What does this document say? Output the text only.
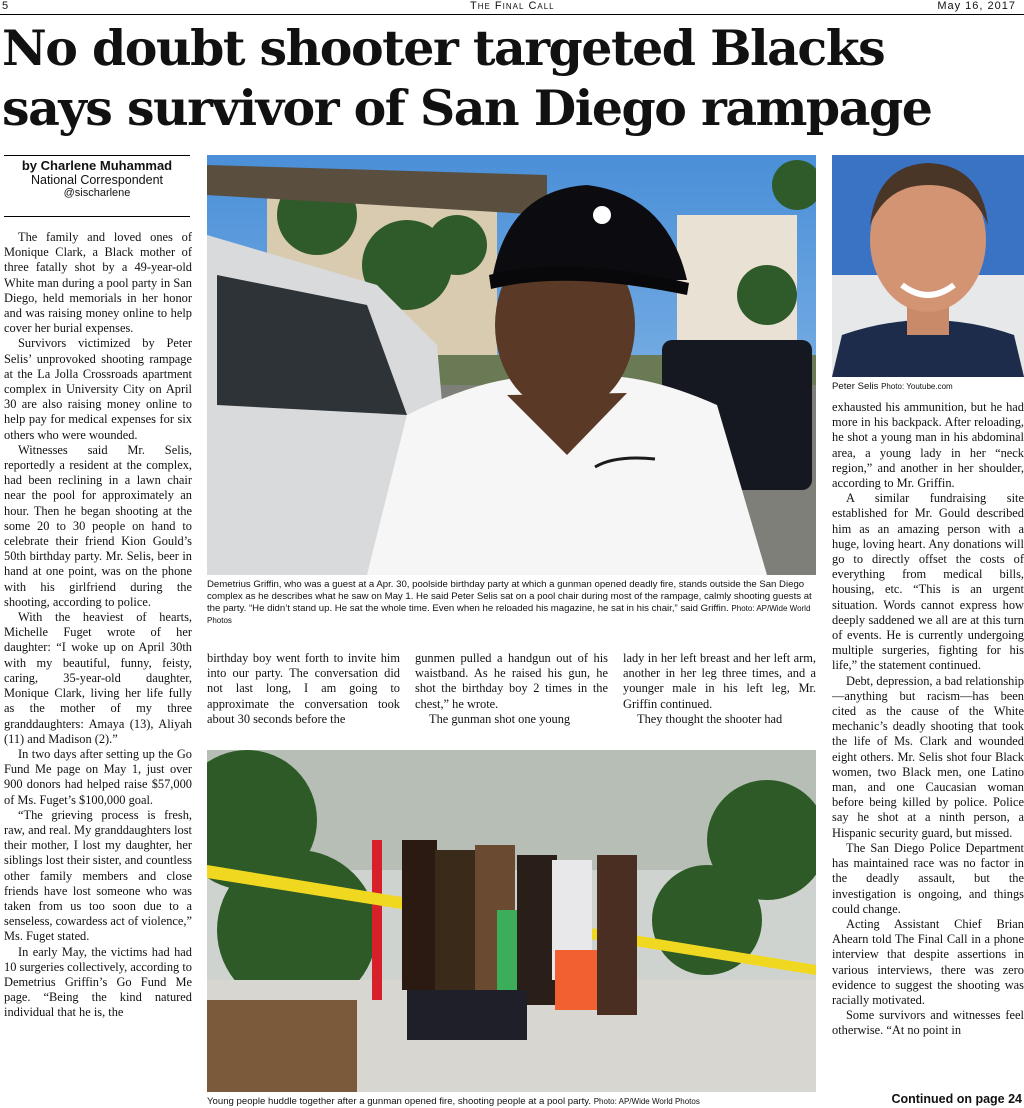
5	The Final Call	May 16, 2017
No doubt shooter targeted Blacks
says survivor of San Diego rampage
by Charlene Muhammad
National Correspondent
@sischarlene

The family and loved ones of Monique Clark, a Black mother of three fatally shot by a 49-year-old White man during a pool party in San Diego, held memorials in her honor and was raising money online to help cover her burial expenses.

Survivors victimized by Peter Selis’ unprovoked shooting rampage at the La Jolla Crossroads apartment complex in University City on April 30 are also raising money online to help pay for medical expenses for six others who were wounded.

Witnesses said Mr. Selis, reportedly a resident at the complex, had been reclining in a lawn chair near the pool for approximately an hour. Then he began shooting at the some 20 to 30 people on hand to celebrate their friend Kion Gould’s 50th birthday party. Mr. Selis, beer in hand at one point, was on the phone with his girlfriend during the shooting, according to police.

With the heaviest of hearts, Michelle Fuget wrote of her daughter: “I woke up on April 30th with my beautiful, funny, feisty, caring, 35-year-old daughter, Monique Clark, living her life fully as the mother of my three granddaughters: Amaya (13), Aliyah (11) and Madison (2).”

In two days after setting up the Go Fund Me page on May 1, just over 900 donors had helped raise $57,000 of Ms. Fuget’s $100,000 goal.

“The grieving process is fresh, raw, and real. My granddaughters lost their mother, I lost my daughter, her siblings lost their sister, and countless other family members and close friends have lost someone who was taken from us too soon due to a senseless, cowardess act of violence,” Ms. Fuget stated.

In early May, the victims had had 10 surgeries collectively, according to Demetrius Griffin’s Go Fund Me page. “Being the kind natured individual that he is, the

Demetrius Griffin, who was a guest at a Apr. 30, poolside birthday party at which a gunman opened deadly fire, stands outside the San Diego complex as he describes what he saw on May 1. He said Peter Selis sat on a pool chair during most of the rampage, calmly shooting guests at the party. “He didn’t stand up. He sat the whole time. Even when he reloaded his magazine, he sat in his chair,” said Griffin. Photo: AP/Wide World Photos

birthday boy went forth to invite him into our party. The conversation did not last long, I am going to approximate the conversation took about 30 seconds before the

gunmen pulled a handgun out of his waistband. As he raised his gun, he shot the birthday boy 2 times in the chest,” he wrote.

The gunman shot one young

lady in her left breast and her left arm, another in her leg three times, and a younger male in his left leg, Mr. Griffin continued.

They thought the shooter had

Young people huddle together after a gunman opened fire, shooting people at a pool party. Photo: AP/Wide World Photos
Peter Selis Photo: Youtube.com

exhausted his ammunition, but he had more in his backpack. After reloading, he shot a young man in his abdominal area, a young lady in her “neck region,” and another in her shoulder, according to Mr. Griffin.

A similar fundraising site established for Mr. Gould described him as an amazing person with a huge, loving heart. Any donations will go to directly offset the costs of everything from medical bills, housing, etc. “This is an urgent situation. Words cannot express how deeply saddened we all are at this turn of events. He is currently undergoing multiple surgeries, fighting for his life,” the statement continued.

Debt, depression, a bad relationship—anything but racism—has been cited as the cause of the White mechanic’s deadly shooting that took the life of Ms. Clark and wounded eight others. Mr. Selis shot four Black women, two Black men, one Latino man, and one Caucasian woman before being killed by police. Police say he shot at a ninth person, a Hispanic security guard, but missed.

The San Diego Police Department has maintained race was no factor in the deadly assault, but the investigation is ongoing, and things could change.

Acting Assistant Chief Brian Ahearn told The Final Call in a phone interview that despite assertions in various interviews, there was zero evidence to suggest the shooting was racially motivated.

Some survivors and witnesses feel otherwise. “At no point in

Continued on page 24
